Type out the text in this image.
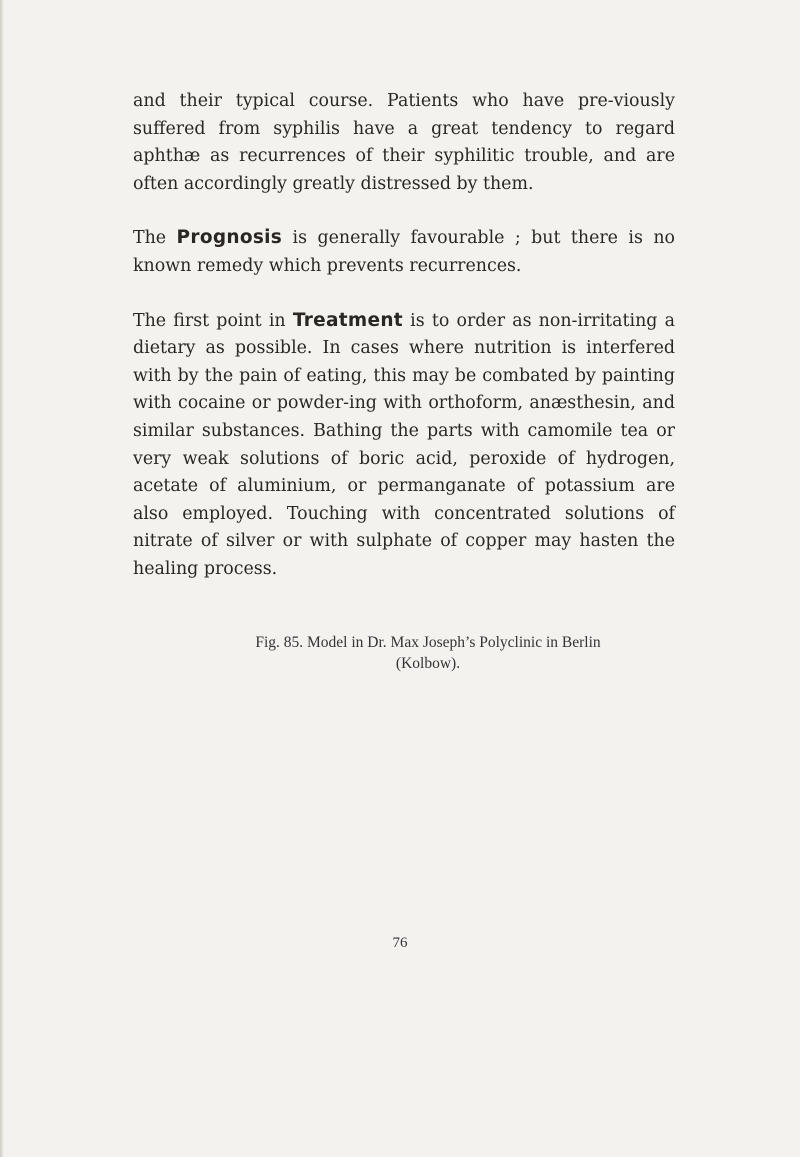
and their typical course. Patients who have pre-viously suffered from syphilis have a great tendency to regard aphthæ as recurrences of their syphilitic trouble, and are often accordingly greatly distressed by them.

The Prognosis is generally favourable ; but there is no known remedy which prevents recurrences.

The first point in Treatment is to order as non-irritating a dietary as possible. In cases where nutrition is interfered with by the pain of eating, this may be combated by painting with cocaine or powder-ing with orthoform, anæsthesin, and similar substances. Bathing the parts with camomile tea or very weak solutions of boric acid, peroxide of hydrogen, acetate of aluminium, or permanganate of potassium are also employed. Touching with concentrated solutions of nitrate of silver or with sulphate of copper may hasten the healing process.

Fig. 85. Model in Dr. Max Joseph’s Polyclinic in Berlin
(Kolbow).
76
